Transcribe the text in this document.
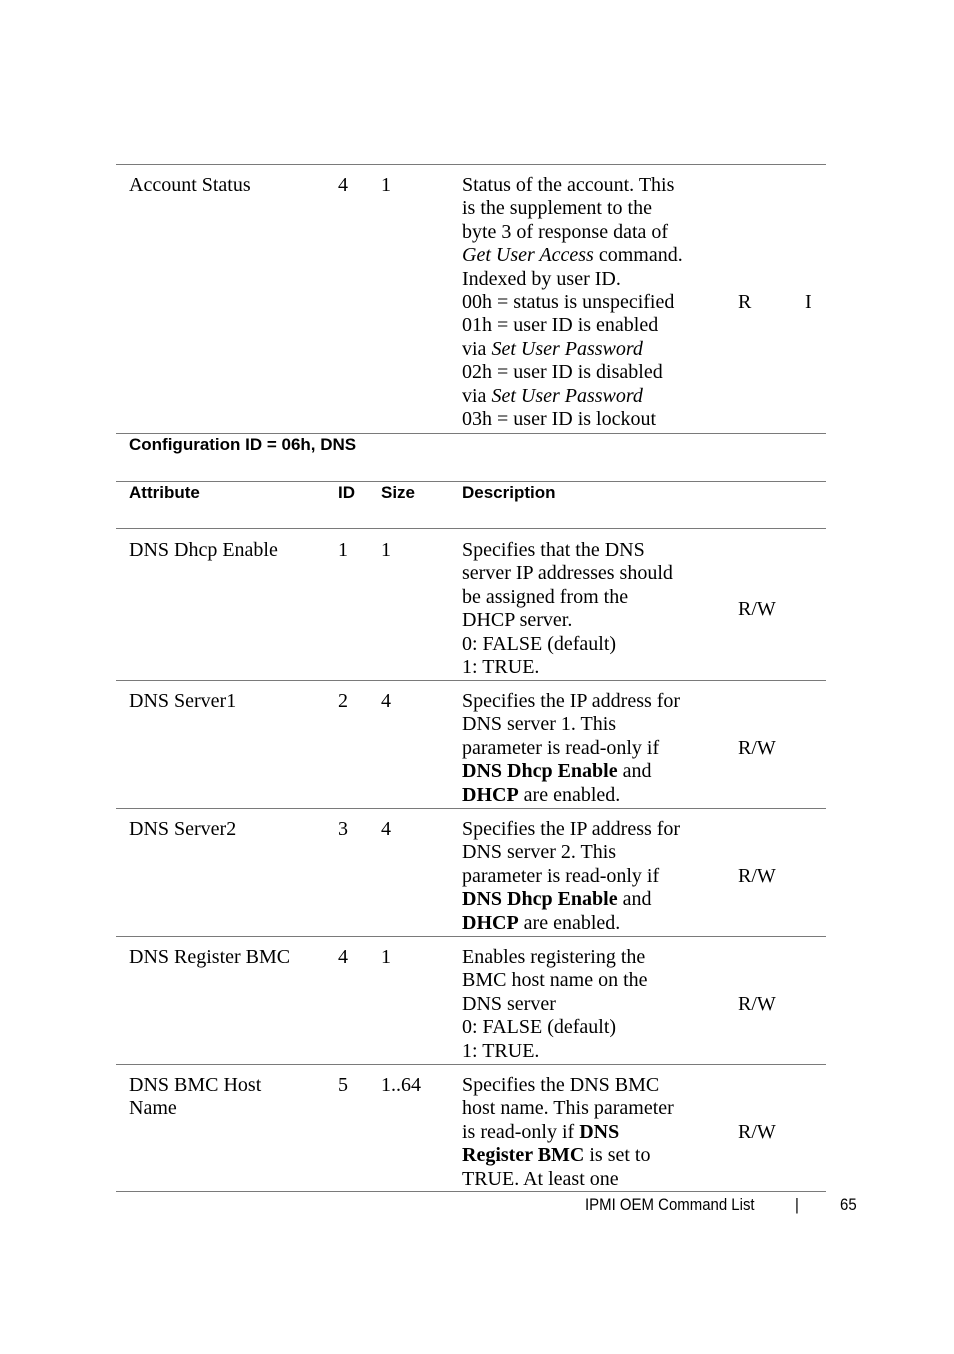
Account Status	4 1	Status of the account. This
is the supplement to the
byte 3 of response data of
Get User Access command.
Indexed by user ID.
00h = status is unspecified
01h = user ID is enabled
via Set User Password
02h = user ID is disabled
via Set User Password
03h = user ID is lockout
R	I
Configuration ID = 06h, DNS
Attribute	ID Size	Description
DNS Dhcp Enable	1 1	Specifies that the DNS
server IP addresses should
be assigned from the
DHCP server.
0: FALSE (default)
1: TRUE.
R/W
DNS Server1	2 4	Specifies the IP address for
DNS server 1. This
parameter is read-only if
DNS Dhcp Enable and
DHCP are enabled.
R/W
DNS Server2	3 4	Specifies the IP address for
DNS server 2. This
parameter is read-only if
DNS Dhcp Enable and
DHCP are enabled.
R/W
DNS Register BMC 4 1	Enables registering the
BMC host name on the
DNS server
0: FALSE (default)
1: TRUE.
R/W
DNS BMC Host
Name
5 1..64 Specifies the DNS BMC
host name. This parameter
is read-only if DNS
Register BMC is set to
TRUE. At least one
R/W
IPMI OEM Command List | 65
